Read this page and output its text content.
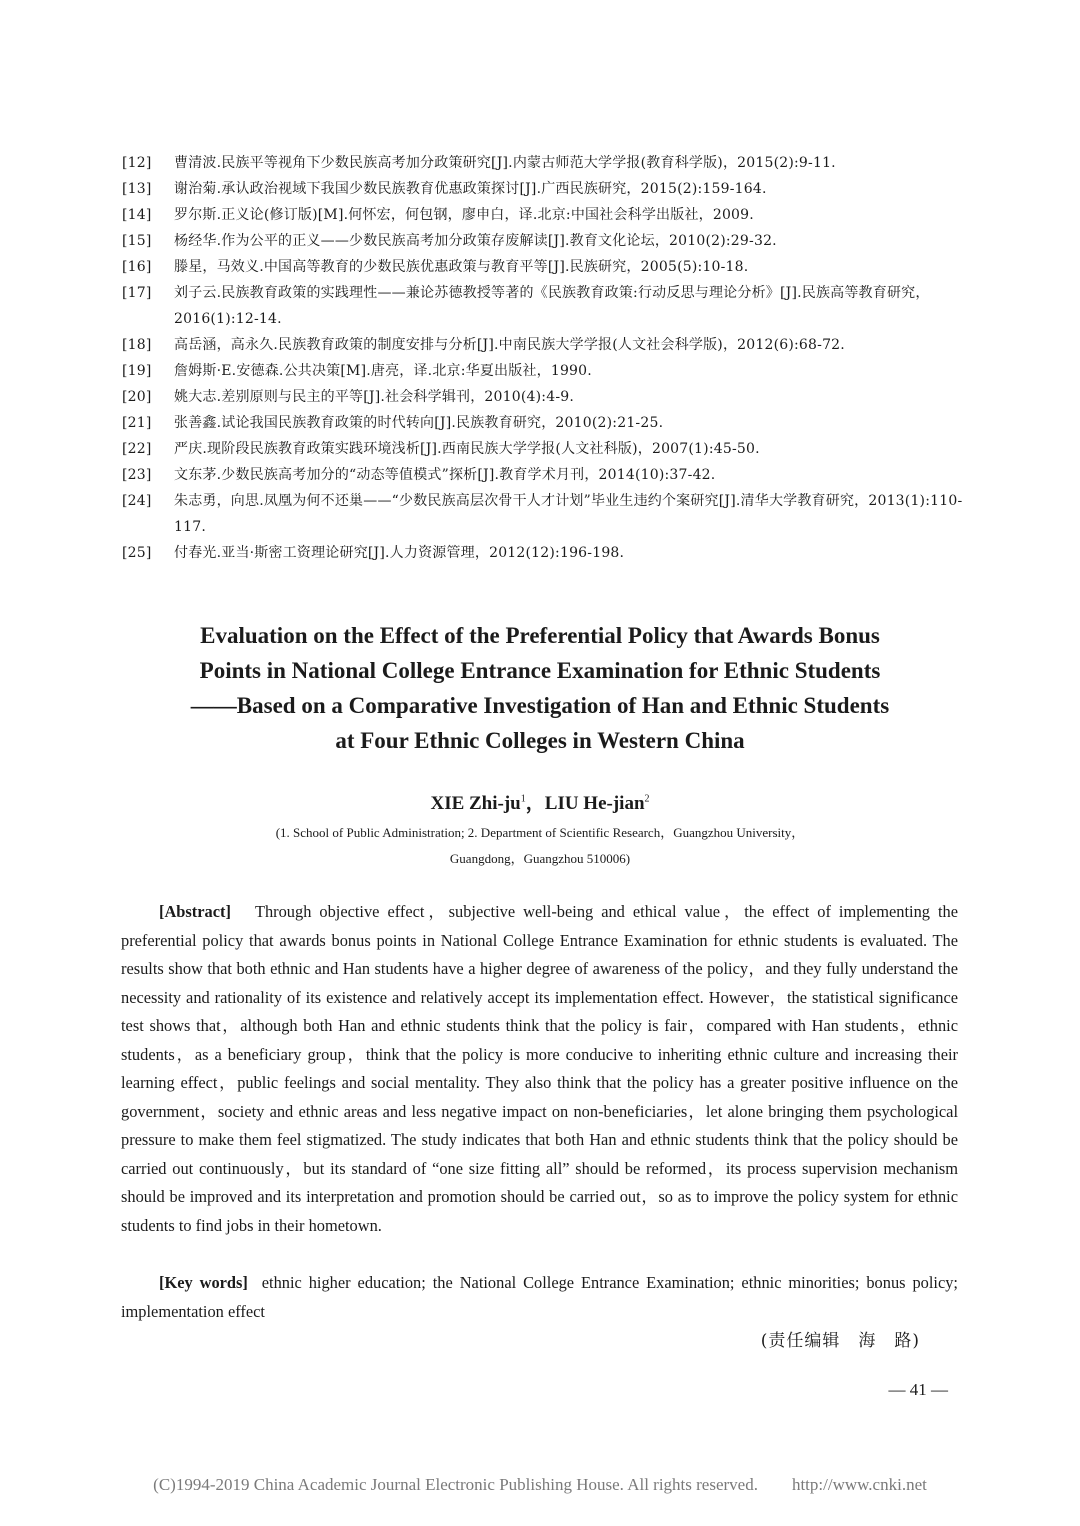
[12]	曹清波.民族平等视角下少数民族高考加分政策研究[J].内蒙古师范大学学报(教育科学版)，2015(2):9-11.
[13]	谢治菊.承认政治视域下我国少数民族教育优惠政策探讨[J].广西民族研究，2015(2):159-164.
[14]	罗尔斯.正义论(修订版)[M].何怀宏，何包钢，廖申白，译.北京:中国社会科学出版社，2009.
[15]	杨经华.作为公平的正义——少数民族高考加分政策存废解读[J].教育文化论坛，2010(2):29-32.
[16]	滕星，马效义.中国高等教育的少数民族优惠政策与教育平等[J].民族研究，2005(5):10-18.
[17]	刘子云.民族教育政策的实践理性——兼论苏德教授等著的《民族教育政策:行动反思与理论分析》[J].民族高等教育研究，2016(1):12-14.
[18]	高岳涵，高永久.民族教育政策的制度安排与分析[J].中南民族大学学报(人文社会科学版)，2012(6):68-72.
[19]	詹姆斯·E.安德森.公共决策[M].唐亮，译.北京:华夏出版社，1990.
[20]	姚大志.差别原则与民主的平等[J].社会科学辑刊，2010(4):4-9.
[21]	张善鑫.试论我国民族教育政策的时代转向[J].民族教育研究，2010(2):21-25.
[22]	严庆.现阶段民族教育政策实践环境浅析[J].西南民族大学学报(人文社科版)，2007(1):45-50.
[23]	文东茅.少数民族高考加分的“动态等值模式”探析[J].教育学术月刊，2014(10):37-42.
[24]	朱志勇，向思.凤凰为何不还巢——“少数民族高层次骨干人才计划”毕业生违约个案研究[J].清华大学教育研究，2013(1):110-117.
[25]	付春光.亚当·斯密工资理论研究[J].人力资源管理，2012(12):196-198.
Evaluation on the Effect of the Preferential Policy that Awards Bonus
Points in National College Entrance Examination for Ethnic Students
——Based on a Comparative Investigation of Han and Ethnic Students
at Four Ethnic Colleges in Western China
XIE Zhi-$ju^1$，LIU He-jian$^2$
(1. School of Public Administration; 2. Department of Scientific Research，Guangzhou University，
Guangdong，Guangzhou 510006)
[Abstract] Through objective effect，subjective well-being and ethical value，the effect of implementing the preferential policy that awards bonus points in National College Entrance Examination for ethnic students is evaluated. The results show that both ethnic and Han students have a higher degree of awareness of the policy，and they fully understand the necessity and rationality of its existence and relatively accept its implementation effect. However，the statistical significance test shows that，although both Han and ethnic students think that the policy is fair，compared with Han students，ethnic students，as a beneficiary group，think that the policy is more conducive to inheriting ethnic culture and increasing their learning effect，public feelings and social mentality. They also think that the policy has a greater positive influence on the government，society and ethnic areas and less negative impact on non-beneficiaries，let alone bringing them psychological pressure to make them feel stigmatized. The study indicates that both Han and ethnic students think that the policy should be carried out continuously，but its standard of “one size fitting all” should be reformed，its process supervision mechanism should be improved and its interpretation and promotion should be carried out，so as to improve the policy system for ethnic students to find jobs in their hometown.
[Key words] ethnic higher education; the National College Entrance Examination; ethnic minorities; bonus policy; implementation effect
(责任编辑　海　路)
— 41 —
(C)1994-2019 China Academic Journal Electronic Publishing House. All rights reserved.　　http://www.cnki.net
